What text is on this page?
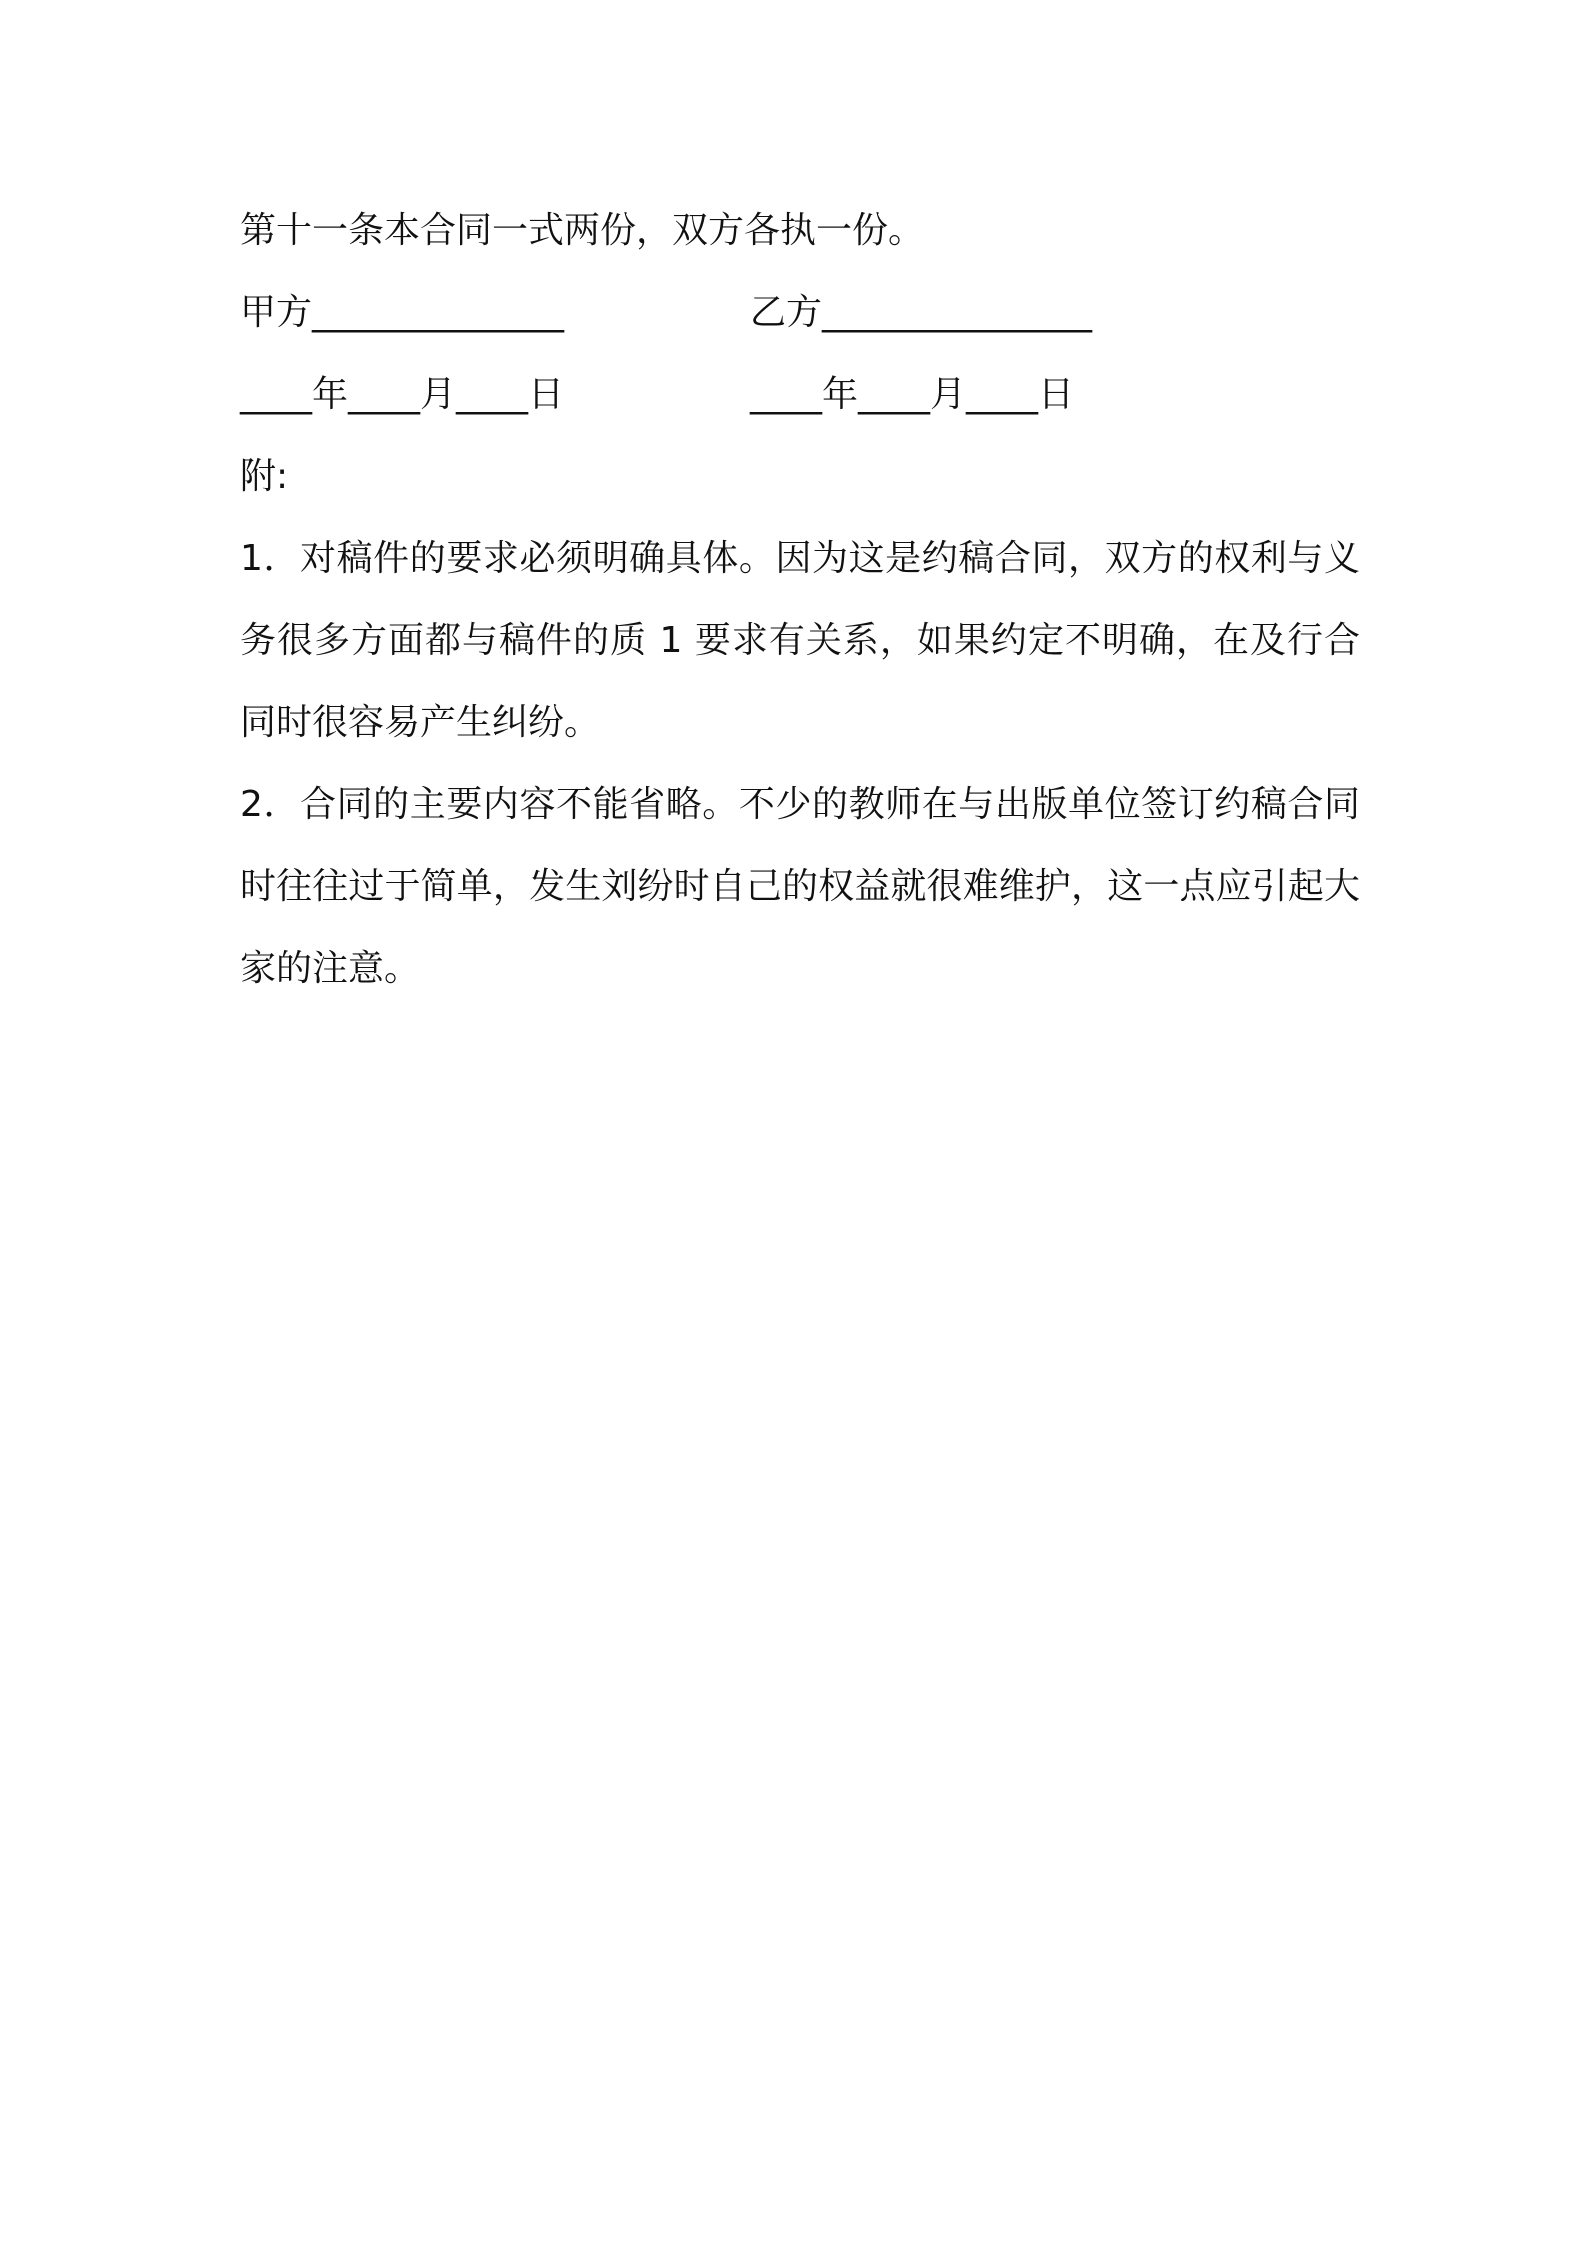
第十一条本合同一式两份，双方各执一份。
甲方______________	乙方_______________
____年____月____日	____年____月____日
附:
1．对稿件的要求必须明确具体。因为这是约稿合同，双方的权利与义务很多方面都与稿件的质 1 要求有关系，如果约定不明确，在及行合同时很容易产生纠纷。
2．合同的主要内容不能省略。不少的教师在与出版单位签订约稿合同时往往过于简单，发生刘纷时自己的权益就很难维护，这一点应引起大家的注意。
